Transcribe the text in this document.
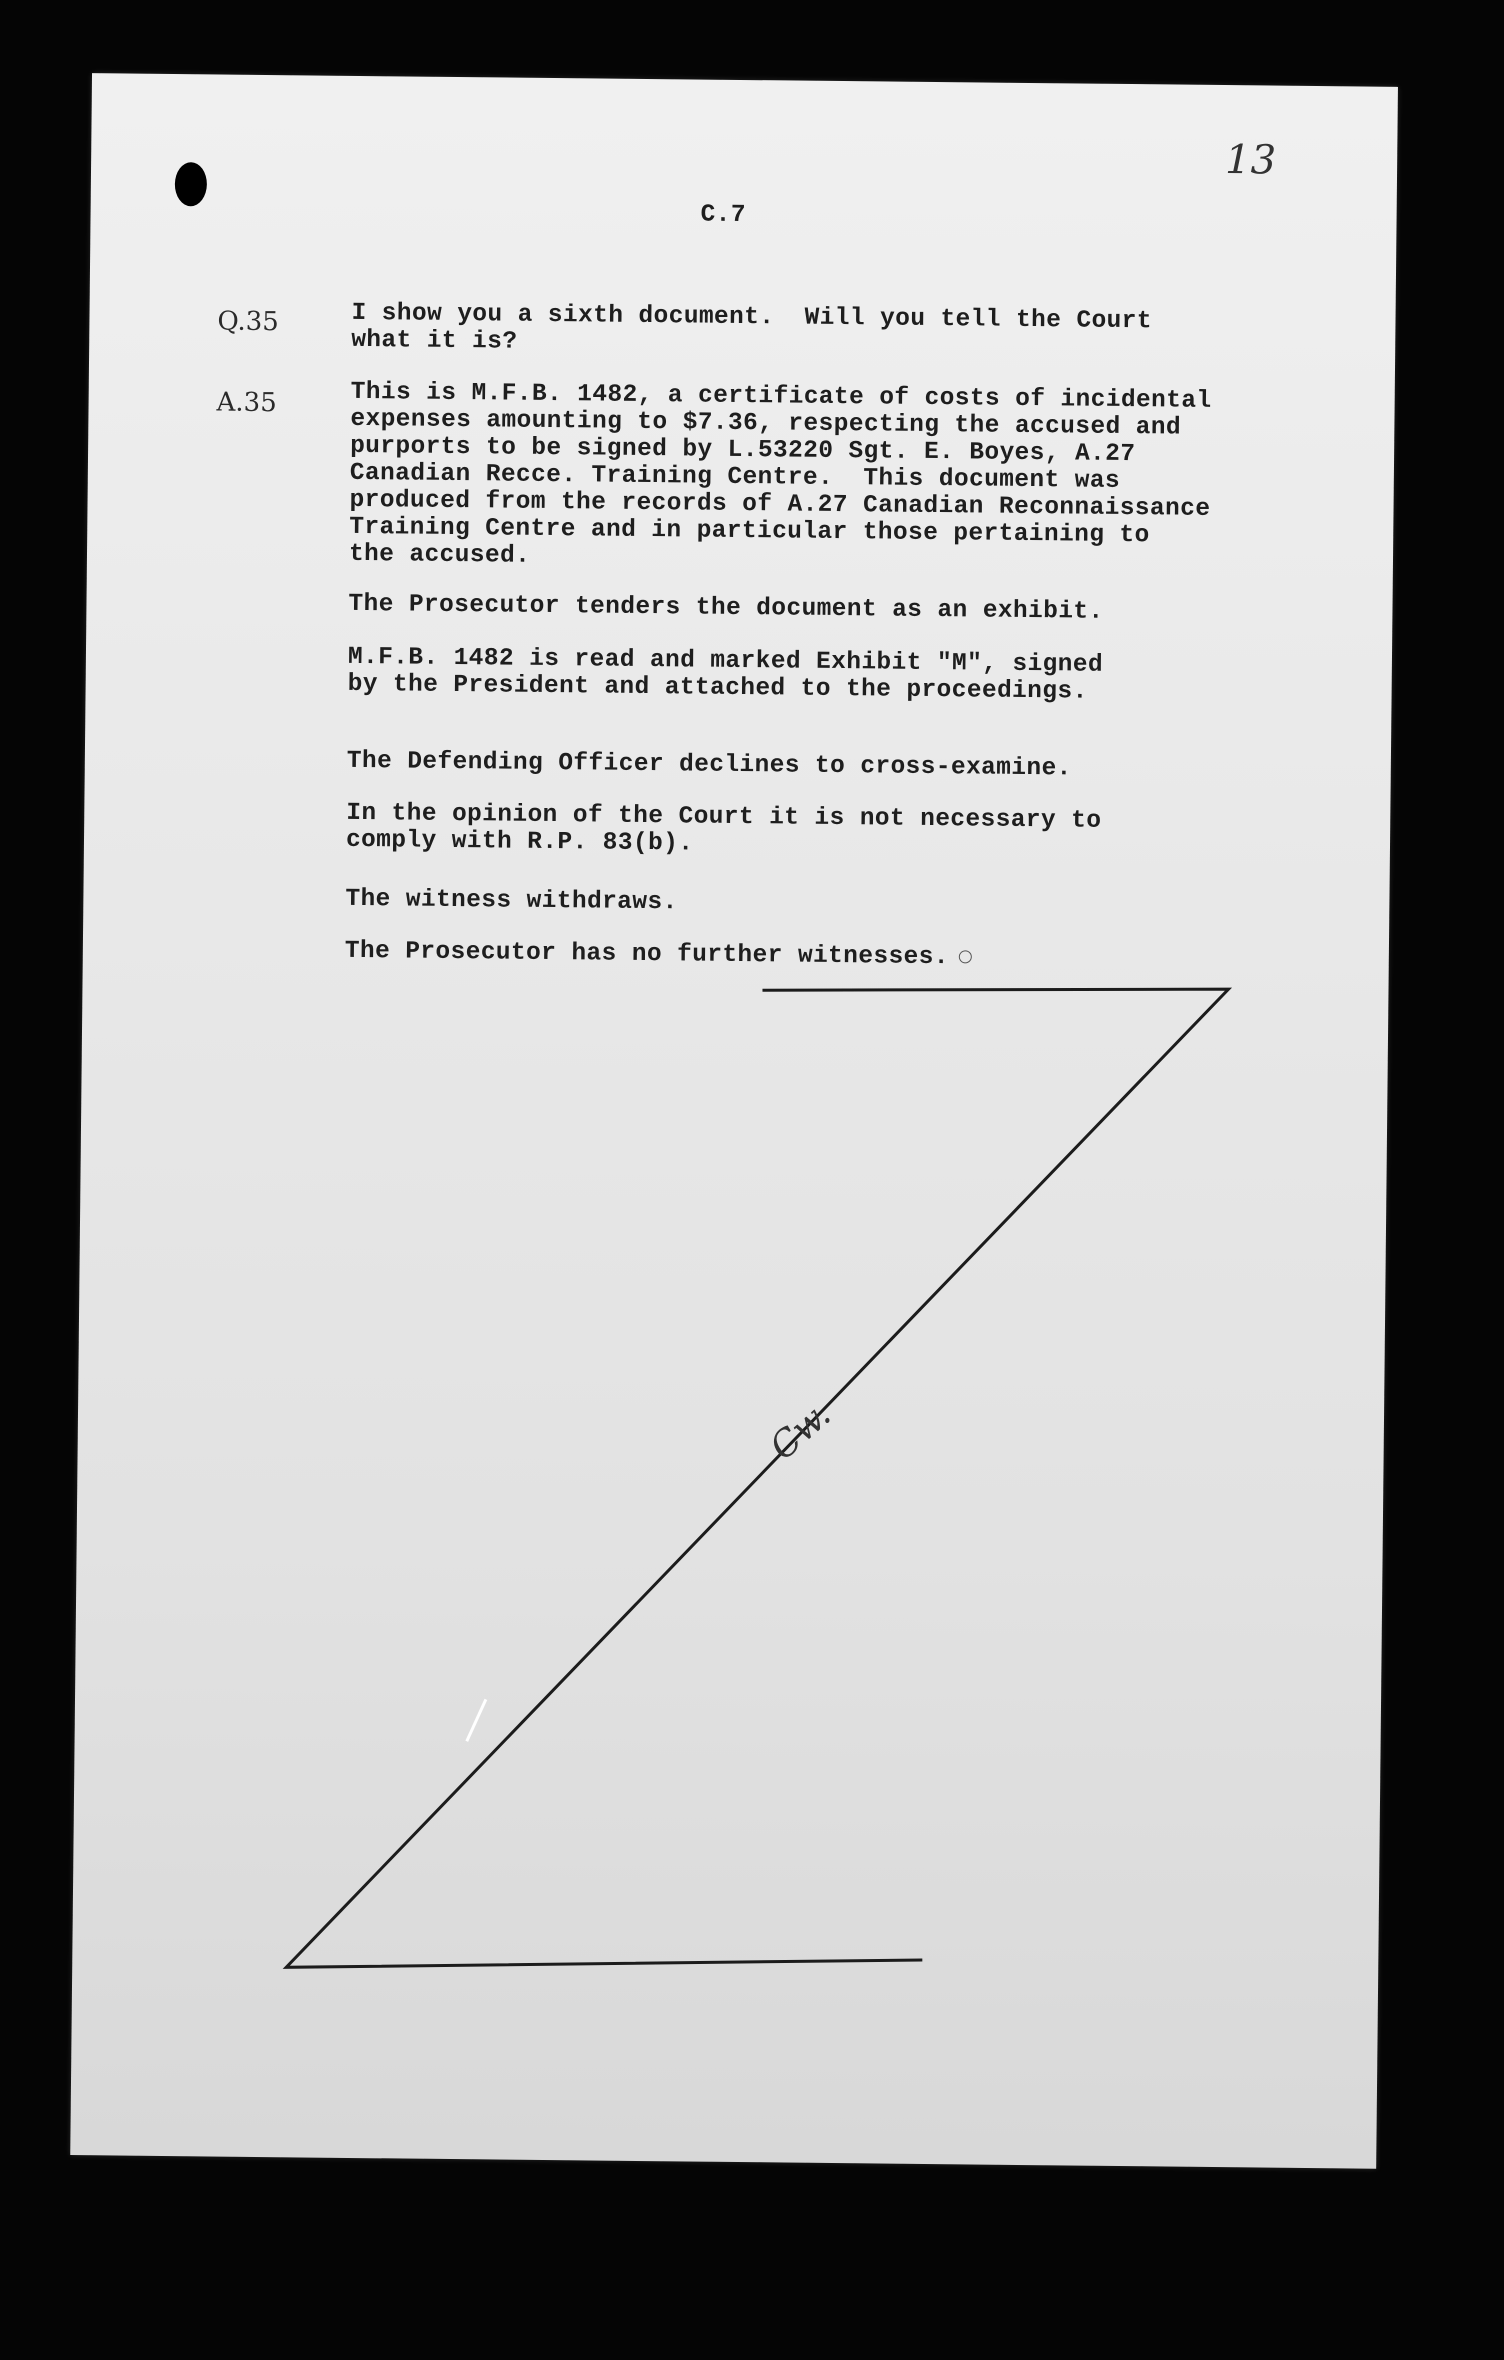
13
C.7
Q.35	I show you a sixth document.  Will you tell the Court
what it is?
A.35	This is M.F.B. 1482, a certificate of costs of incidental
expenses amounting to $7.36, respecting the accused and
purports to be signed by L.53220 Sgt. E. Boyes, A.27
Canadian Recce. Training Centre.  This document was
produced from the records of A.27 Canadian Reconnaissance
Training Centre and in particular those pertaining to
the accused.
The Prosecutor tenders the document as an exhibit.
M.F.B. 1482 is read and marked Exhibit "M", signed
by the President and attached to the proceedings.
The Defending Officer declines to cross-examine.
In the opinion of the Court it is not necessary to
comply with R.P. 83(b).
The witness withdraws.
The Prosecutor has no further witnesses.
Cw.
